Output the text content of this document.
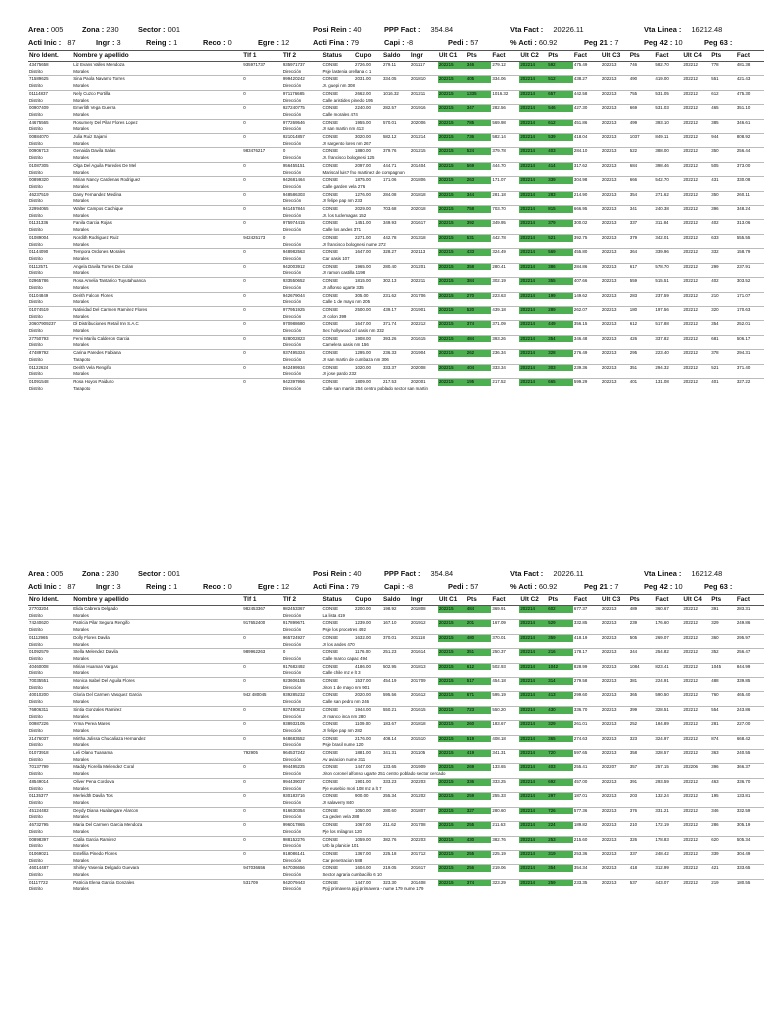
Area : 005	Zona : 230	Sector : 001	Posi Rein : 40	PPP Fact : 354.84	Vta Fact : 20226.11	Vta Linea : 16212.48
Acti Inic : 87	Ingr : 3	Reing : 1	Reco : 0	Egre : 12	Acti Fina : 79	Capi : -8	Pedi : 57	% Acti : 60.92	Peg 21 : 7	Peg 42 : 10	Peg 63 :
Nro Ident.	Nombre y apellido	Tlf 1	Tlf 2	Status	Cupo	Saldo	Ingr	Ult C1	Pts	Fact	Ult C2	Pts	Fact	Ult C3	Pts	Fact	Ult C4	Pts	Fact
43475658	Liz Evans Valles Mendoza	935971737	935971737	CONSE	2726.00	279.11	201117	202215	346	279.12	202214	592	475.49	202213	746	582.70	202212	778	481.38
Distrito	Morales		Dirección	Psje lastenia orellana c 1															
71589625	Sina Paola Navarro Torres	0	999420242	CONSE	2031.00	334.05	201810	202215	405	334.06	202214	512	438.27	202213	490	419.00	202212	551	421.43
Distrito	Morales		Dirección	Jr. guepi nm 308															
01114837	Nely Cuzco Portilla	0	971176685	CONSE	2662.00	1016.32	201211	202215	1335	1016.32	202214	657	442.58	202213	755	531.05	202212	612	475.30
Distrito	Morales		Dirección	Calle aristides pinedo 195															
00907409	Emerlith Vega Guerra	0	927240775	CONSE	2240.00	282.57	201916	202215	347	282.56	202214	546	427.30	202213	669	531.03	202212	465	351.10
Distrito	Morales		Dirección	Calle morales 474															
44675565	Rosumery Del Pilar Flores Lopez	0	977269546	CONSE	1955.00	570.01	202006	202215	785	569.98	202214	612	451.86	202213	499	393.10	202212	385	346.61
Distrito	Morales		Dirección	Jr san martin nm 413															
00884070	Julia Ruiz Sajami	0	921014857	CONSE	3020.00	582.12	201214	202215	736	582.14	202214	539	418.04	202213	1037	849.11	202212	944	808.92
Distrito	Morales		Dirección	Jr sargento lores nm 267															
00906713	Genaida Davila Salas	983476217	0	CONSE	1880.00	379.76	201215	202215	524	379.78	202214	403	284.10	202213	522	388.00	202212	350	256.44
Distrito	Morales		Dirección	Jr. francisco bolognesi 125															
01087305	Olga Del Aguila Paredes De Mel	0	956455151	CONSE	2097.00	444.71	201404	202215	569	444.70	202214	414	317.62	202213	684	398.46	202212	505	373.00
Distrito	Morales		Dirección	Mariscal luis? fno martinez de compagnon															
00899320	Mirian Nancy Cardenas Rodriguez	0	942681464	CONSE	1875.00	171.06	201806	202215	263	171.07	202214	339	304.98	202213	666	542.70	202212	431	330.08
Distrito	Morales		Dirección	Calle garden vela 276															
46237519	Dany Fernandez Medina	0	948586303	CONSE	1276.00	284.08	201818	202215	344	281.18	202214	283	214.90	202213	354	271.62	202212	350	260.11
Distrito	Morales		Dirección	Jr felipe pap nm 233															
22994065	Walter Campos Cachique	0	941457844	CONSE	2029.00	703.68	202018	202215	758	703.70	202214	815	666.95	202213	341	240.38	202212	396	348.24
Distrito	Morales		Dirección	Jr. los tuclemagas 152															
01131336	Fanila Garcia Rojas	0	975974415	CONSE	1451.00	349.93	201617	202215	392	349.95	202214	379	300.02	202213	337	311.84	202212	402	313.06
Distrito	Morales		Dirección	Calle los andes 371															
01089004	Nordith Rodriguez Ruiz	942425173	0	CONSE	2271.00	442.78	201318	202215	531	442.78	202214	521	392.75	202213	379	342.01	202212	633	555.55
Distrito	Morales		Dirección	Jr francisco bolognesi nume 272															
01144090	Tempora Ordones Morales	0	948982563	CONSE	1647.00	328.27	202113	202215	433	324.49	202214	569	455.80	202213	364	339.96	202212	332	158.79
Distrito	Morales		Dirección	Car oasis 107															
01112571	Angela Davila Torres De Colan	0	942003912	CONSE	1965.00	280.40	201201	202215	358	280.41	202214	386	284.86	202213	617	578.70	202212	299	237.91
Distrito	Morales		Dirección	Jr ramon castilla 1198															
02965786	Rosa Amelia Tantarico Tuyutahuanca	0	933550652	CONSE	1815.00	302.13	202211	202215	384	302.19	202214	355	407.66	202213	559	515.51	202212	402	303.52
Distrito	Morales		Dirección	Jr alfonso ugarte 335															
01104849	Derith Falcon Flores	0	942679044	CONSE	305.00	231.62	201706	202215	270	223.63	202214	199	149.62	202213	283	237.59	202212	210	171.07
Distrito	Morales		Dirección	Calle 1 de mayo nm 205															
01074519	Natividad Del Carmen Ramirez Flores	0	977951925	CONSE	2500.00	439.17	201901	202215	520	439.18	202214	289	262.07	202213	180	197.56	202212	320	170.63
Distrito	Morales		Dirección	Jr colon 399															
20607909237	Dl Distribuciones Retail Inn S.A.C	0	970988680	CONSE	1647.00	371.74	202212	202215	374	371.09	202214	449	356.15	202213	612	517.88	202212	354	252.01
Distrito	Morales		Dirección	Sec hollywood crl oasis nm 332															
27750793	Femi Marilu Calderon Garcia	0	928002823	CONSE	1908.00	393.26	201615	202215	484	393.26	202214	354	346.48	202213	426	337.82	202212	681	506.17
Distrito	Morales		Dirección	Camelera oasis nm 156															
47489792	Carina Paredes Fabiana	0	937495324	CONSE	1295.00	236.33	201904	202215	262	236.34	202214	328	276.49	202213	295	223.40	202212	378	294.31
Distrito	Tarapoto		Dirección	Jr san martin de cumbaza nm 306															
01122624	Derith Vela Rengifo	0	942499934	CONSE	1020.00	333.37	202008	202215	404	333.34	202214	303	239.36	202213	351	294.32	202212	521	371.40
Distrito	Morales		Dirección	Jr jose pardo 232															
01091548	Rosa Hoyos Paiduro	0	942397956	CONSE	1809.00	217.53	202001	202215	195	217.52	202214	665	599.29	202213	401	131.08	202212	401	327.22
Distrito	Tarapoto		Dirección	Calle san martin 254 centro poblado sector san martin															
Area : 005	Zona : 230	Sector : 001	Posi Rein : 40	PPP Fact : 354.84	Vta Fact : 20226.11	Vta Linea : 16212.48
Acti Inic : 87	Ingr : 3	Reing : 1	Reco : 0	Egre : 12	Acti Fina : 79	Capi : -8	Pedi : 57	% Acti : 60.92	Peg 21 : 7	Peg 42 : 10	Peg 63 :
Nro Ident.	Nombre y apellido	Tlf 1	Tlf 2	Status	Cupo	Saldo	Ingr	Ult C1	Pts	Fact	Ult C2	Pts	Fact	Ult C3	Pts	Fact	Ult C4	Pts	Fact
27703204	Elida Cabrera Delgado	982453367	982453367	CONSE	2200.00	198.92	201808	202215	484	369.91	202214	602	677.37	202213	489	360.67	202212	391	283.31
Distrito	Morales		Dirección	La lista 419															
74240620	Patricia Pilar Segura Rengifo	917652400	917899671	CONSE	1239.00	167.10	201912	202215	201	167.09	202214	529	332.85	202213	239	176.60	202212	329	249.86
Distrito	Morales		Dirección	Psje los procetres 492															
01112965	Dolly Flores Davila	0	965724927	CONSE	1632.00	370.01	201118	202215	480	370.01	202214	359	418.19	202213	505	269.07	202212	360	295.97
Distrito	Morales		Dirección	Jr los andes 470															
01092579	Stella Melendez Davila	989962263	0	CONSE	1176.00	251.23	201614	202215	351	250.37	202214	216	178.17	202213	344	254.82	202212	352	256.47
Distrito	Morales		Dirección	Calle marco capac 494															
40460008	Mirian Huaman Vargas	0	917682492	CONSE	4186.00	502.95	201813	202215	612	502.93	202214	1042	828.99	202213	1084	823.41	202212	1045	844.99
Distrito	Morales		Dirección	Calle chile mz e lt 3															
70035551	Monica Isabel Del Aguila Flores	0	923606155	CONSE	1537.00	454.19	201709	202215	517	454.18	202214	314	279.58	202213	381	224.91	202212	488	339.85
Distrito	Morales		Dirección	Jiron 1 de mayo nm 901															
40010200	Gloria Del Carmen Vasquez Garcia	942 480045	939285232	CONSE	2020.00	595.56	201612	202215	671	595.19	202214	413	299.60	202213	365	590.50	202212	760	465.40
Distrito	Morales		Dirección	Calle san pedro nm 246															
76806311	Sintia Gonzales Ramirez	0	927490812	CONSE	1944.00	550.21	201615	202215	723	550.20	202214	430	336.70	202213	399	328.51	202212	554	243.86
Distrito	Morales		Dirección	Jr manco inca nm 280															
00987226	Yrma Perea Mares	0	938932105	CONSE	1109.00	183.67	201818	202215	260	183.67	202214	329	261.01	202213	252	184.89	202212	281	227.00
Distrito	Morales		Dirección	Jr felipe pap nm 282															
21476037	Mirtha Julissa Chucaliaza Hernandez	0	948683552	CONSE	2176.00	408.14	201510	202215	519	408.18	202214	365	274.63	202213	323	324.97	202212	874	668.42
Distrito	Morales		Dirección	Psje brasil nume 120															
01073918	Leli Olano Tuanama	792905	964537242	CONSE	1881.00	341.31	201105	202215	419	341.31	202214	720	597.65	202213	358	328.57	202212	363	240.55
Distrito	Morales		Dirección	Av aviacion nume 311															
70137799	Maddy Fiorella Melendez Coral	0	994495225	CONSE	1447.00	133.65	201909	202215	269	133.65	202214	403	255.41	202207	357	257.15	202206	396	366.37
Distrito	Morales		Dirección	Jiron coronel alfonso ugarte 251 centro poblado sector cercado															
48549014	Oliver Pena Cordova	0	994439037	CONSE	1901.00	333.23	202203	202215	336	333.25	202214	692	457.00	202213	391	293.59	202212	463	336.70
Distrito	Morales		Dirección	Pje eusebio mori 108 mz a lt 7															
01135377	Merleidth Davila Tos	0	930183716	CONSE	900.00	255.34	201202	202215	259	255.33	202214	297	187.01	202213	203	132.24	202212	195	133.81
Distrito	Morales		Dirección	Jr salaverry 840															
45124482	Deydy Diana Hualangare Alarcon	0	916630354	CONSE	1050.00	280.60	201807	202215	327	280.60	202214	726	577.36	202213	376	331.21	202212	346	332.59
Distrito	Morales		Dirección	Ca geden vela 288															
46732795	Maria Del Carmen Garcia Mendoza	0	996017865	CONSE	1067.00	211.62	201708	202215	255	211.63	202214	224	189.82	202213	210	172.19	202212	286	305.19
Distrito	Morales		Dirección	Pje los milagros 120															
00898397	Catila Garcia Ramirez	0	988152276	CONSE	1059.00	382.76	202203	202215	430	382.76	202214	253	215.60	202213	326	178.83	202212	620	505.34
Distrito	Morales		Dirección	Urb la planicie 101															
01069021	Estefilia Pinedo Flores	0	918086141	CONSE	1367.00	225.18	201712	202215	255	225.19	202214	319	253.36	202213	337	248.42	202212	339	304.49
Distrito	Morales		Dirección	Car penetracion 588															
46014487	Shirley Yasenia Delgado Guevara	947036656	947036656	CONSE	1604.00	219.05	201617	202215	256	219.06	202214	354	354.34	202213	418	312.99	202212	421	333.65
Distrito	Morales		Dirección	Sector agraria cumbacillo 6 10															
01117722	Patricia Elena Garcia Gonzales	531709	942079443	CONSE	1447.00	323.30	201408	202215	374	323.29	202214	259	233.35	202213	537	443.07	202212	219	180.55
Distrito	Morales		Dirección	Ppjj primavera ppjj primavera - nume 179 nume 179															
